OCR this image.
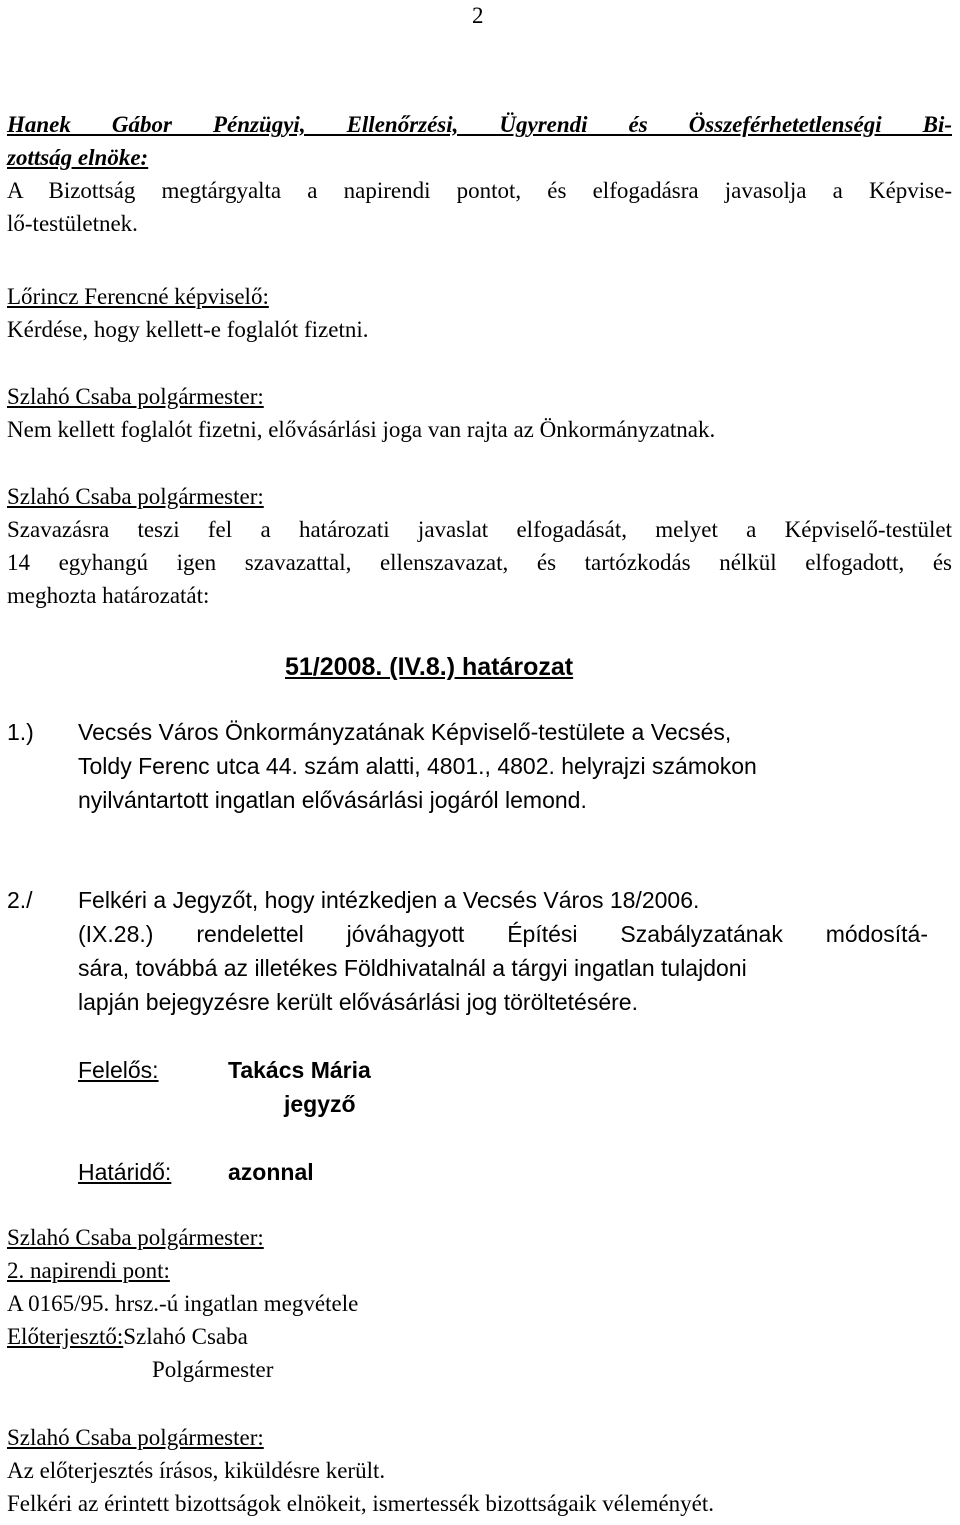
2
Hanek Gábor Pénzügyi, Ellenőrzési, Ügyrendi és Összeférhetetlenségi Bi-
zottság elnöke:
A Bizottság megtárgyalta a napirendi pontot, és elfogadásra javasolja a Képvise-
lő-testületnek.
Lőrincz Ferencné képviselő:
Kérdése, hogy kellett-e foglalót fizetni.
Szlahó Csaba polgármester:
Nem kellett foglalót fizetni, elővásárlási joga van rajta az Önkormányzatnak.
Szlahó Csaba polgármester:
Szavazásra teszi fel a határozati javaslat elfogadását, melyet a Képviselő-testület
14 egyhangú igen szavazattal, ellenszavazat, és tartózkodás nélkül elfogadott, és
meghozta határozatát:
51/2008. (IV.8.) határozat
1.) Vecsés Város Önkormányzatának Képviselő-testülete a Vecsés,
Toldy Ferenc utca 44. szám alatti, 4801., 4802. helyrajzi számokon
nyilvántartott ingatlan elővásárlási jogáról lemond.
2./ Felkéri a Jegyzőt, hogy intézkedjen a Vecsés Város 18/2006.
(IX.28.) rendelettel jóváhagyott Építési Szabályzatának módosítá-
sára, továbbá az illetékes Földhivatalnál a tárgyi ingatlan tulajdoni
lapján bejegyzésre került elővásárlási jog töröltetésére.
Felelős:	Takács Mária
jegyző
Határidő: azonnal
Szlahó Csaba polgármester:
2. napirendi pont:
A 0165/95. hrsz.-ú ingatlan megvétele
Előterjesztő:Szlahó Csaba
Polgármester
Szlahó Csaba polgármester:
Az előterjesztés írásos, kiküldésre került.
Felkéri az érintett bizottságok elnökeit, ismertessék bizottságaik véleményét.
